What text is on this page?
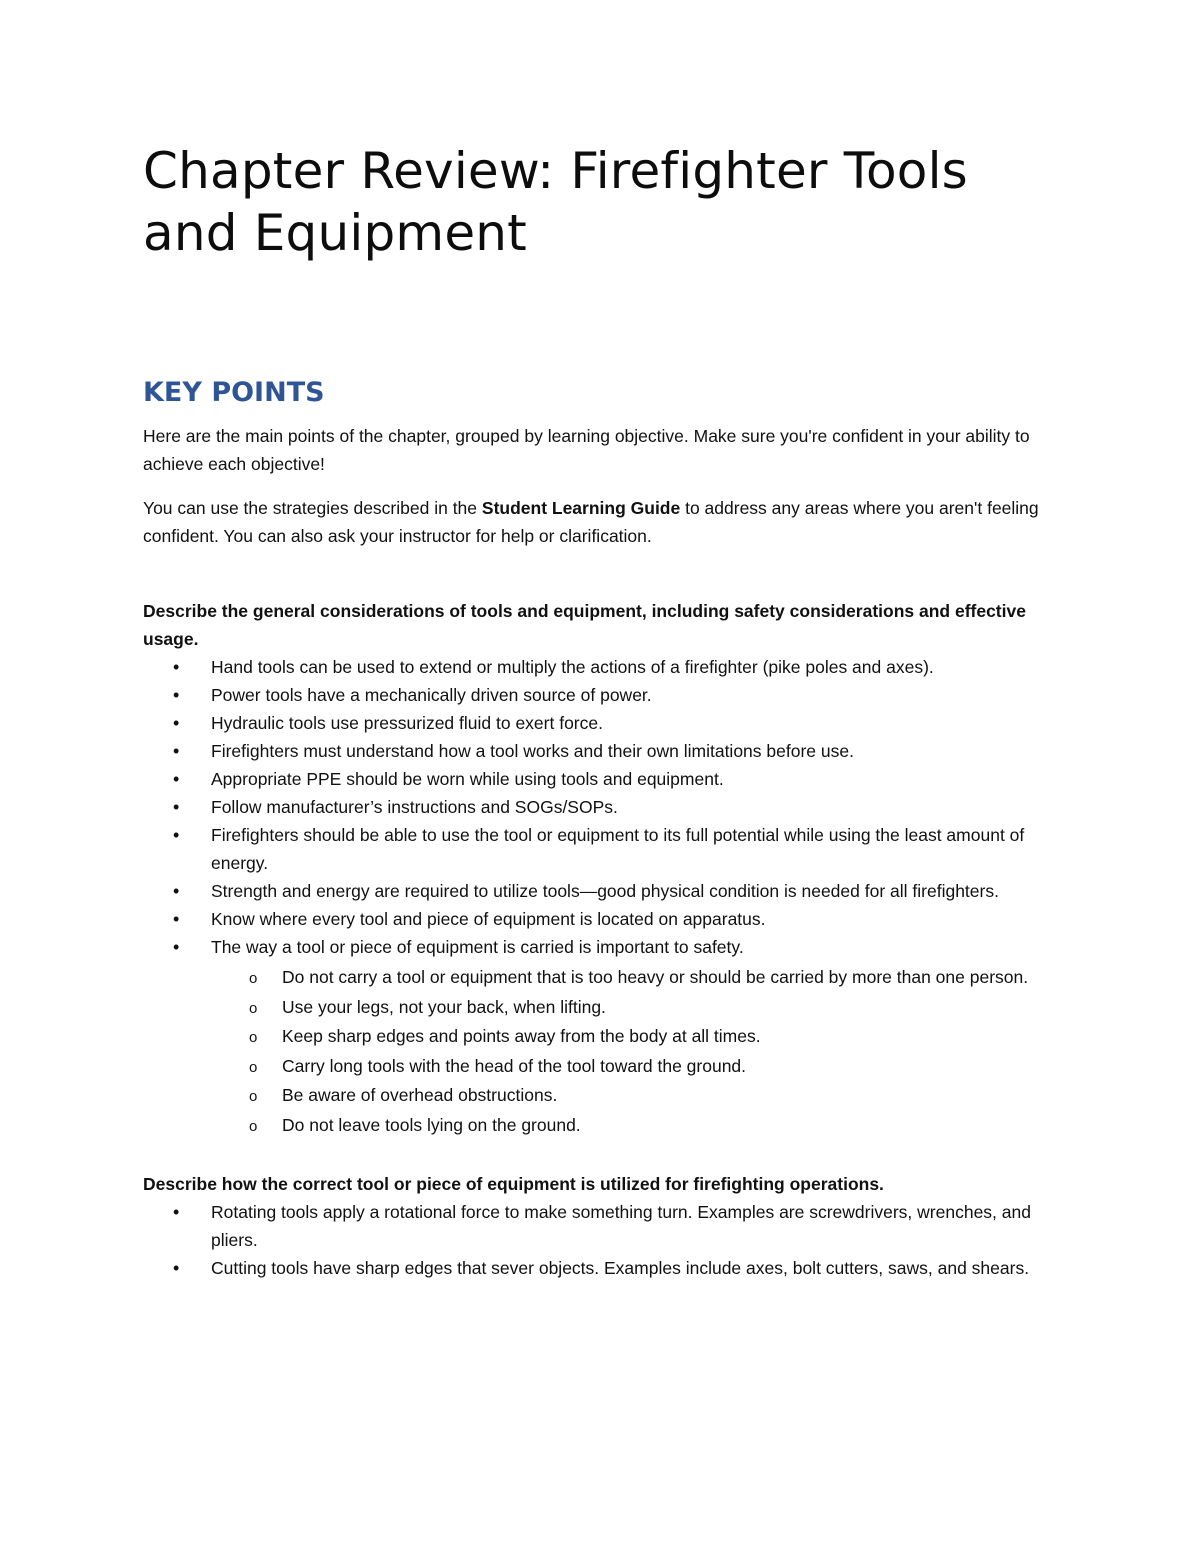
Chapter Review: Firefighter Tools and Equipment
KEY POINTS

Here are the main points of the chapter, grouped by learning objective. Make sure you're confident in your ability to achieve each objective!

You can use the strategies described in the Student Learning Guide to address any areas where you aren't feeling confident. You can also ask your instructor for help or clarification.

Describe the general considerations of tools and equipment, including safety considerations and effective usage.

• Hand tools can be used to extend or multiply the actions of a firefighter (pike poles and axes).
• Power tools have a mechanically driven source of power.
• Hydraulic tools use pressurized fluid to exert force.
• Firefighters must understand how a tool works and their own limitations before use.
• Appropriate PPE should be worn while using tools and equipment.
• Follow manufacturer’s instructions and SOGs/SOPs.
• Firefighters should be able to use the tool or equipment to its full potential while using the least amount of energy.
• Strength and energy are required to utilize tools—good physical condition is needed for all firefighters.
• Know where every tool and piece of equipment is located on apparatus.
• The way a tool or piece of equipment is carried is important to safety.
o Do not carry a tool or equipment that is too heavy or should be carried by more than one person.
o Use your legs, not your back, when lifting.
o Keep sharp edges and points away from the body at all times.
o Carry long tools with the head of the tool toward the ground.
o Be aware of overhead obstructions.
o Do not leave tools lying on the ground.

Describe how the correct tool or piece of equipment is utilized for firefighting operations.

• Rotating tools apply a rotational force to make something turn. Examples are screwdrivers, wrenches, and pliers.
• Cutting tools have sharp edges that sever objects. Examples include axes, bolt cutters, saws, and shears.
